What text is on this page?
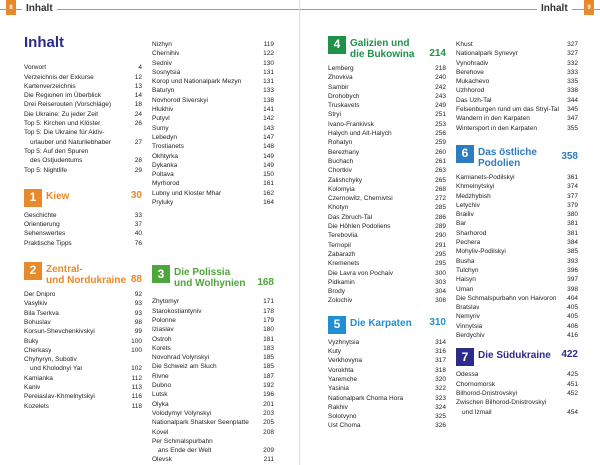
8	Inhalt
Inhalt
Vorwort	4
Verzeichnis der Exkurse	12
Kartenverzeichnis	13
Die Regionen im Überblick	14
Drei Reiserouten (Vorschläge)	18
Die Ukraine: Zu jeder Zeit	24
Top 5: Kirchen und Klöster	26
Top 5: Die Ukraine für Aktiv-
urlauber und Naturliebhaber	27
Top 5: Auf den Spuren
des Ostjudentums	28
Top 5: Nightlife	29
1 Kiew	30
Geschichte	33
Orientierung	37
Sehenswertes	40
Praktische Tipps	76
2 Zentral-
und Nordukraine 88
Der Dnipro	92
Vasylkiv	93
Bila Tserkva	93
Bohuslav	98
Korsun-Shevchenkivskyi	99
Buky	100
Cherkasy	100
Chyhyryn, Subotiv
und Kholodnyi Yar	102
Kamianka	112
Kaniv	113
Pereiaslav-Khmelnytskyi	116
Kozelets	118
Nizhyn	119
Chernihiv	122
Sedniv	130
Sosnytsia	131
Korop und Nationalpark Mezyn	131
Baturyn	133
Novhorod Siverskyi	138
Hlukhiv	141
Putyvl	142
Sumy	143
Lebedyn	147
Trostianets	148
Okhtyrka	149
Dykanka	149
Poltava	150
Myrhorod	161
Lubny und Kloster Mhar	162
Pryluky	164
3 Die Polissia
und Wolhynien	168
Zhytomyr	171
Starokostiantyniv	178
Polonne	179
Iziaslav	180
Ostroh	181
Korets	183
Novohrad Volynskyi	185
Die Schweiz am Sluch	185
Rivne	187
Dubno	192
Lutsk	196
Olyka	201
Volodymyr Volynskyi	203
Nationalpark Shatsker Seenplatte	205
Kovel	208
Per Schmalspurbahn
ans Ende der Welt	209
Olevsk	211
9
Inhalt
4 Galizien und
die Bukowina	214
Lemberg	218
Zhovkva	240
Sambir	242
Drohobych	243
Truskavets	249
Stryi	251
Ivano-Frankivsk	253
Halych und Alt-Halych	256
Rohatyn	259
Berezhany	260
Buchach	261
Chortkiv	263
Zalishchyky	265
Kolomyia	268
Czernowitz, Chernivtsi	272
Khotyn	285
Das Zbruch-Tal	286
Die Höhlen Podoliens	289
Terebovlia	290
Ternopil	291
Zabarazh	295
Kremenets	295
Die Lavra von Pochaiv	300
Pidkamin	303
Brody	304
Zolochiv	308
5 Die Karpaten	310
Vyzhnytsia	314
Kuty	316
Verkhovyna	317
Vorokhta	318
Yaremche	320
Yasinia	322
Nationalpark Choma Hora	323
Rakhiv	324
Solotvyno	325
Ust Choma	326
Khust	327
Nationalpark Synevyr	327
Vynohradiv	332
Berehove	333
Mukachevo	335
Uzhhorod	338
Das Uzh-Tal	344
Felsenburgen rund um das Stryi-Tal	345
Wandern in den Karpaten	347
Wintersport in den Karpaten	355
6 Das östliche
Podolien
358
Kamianets-Podilskyi	361
Khmelnytskyi	374
Medzhybish	377
Letychiv	379
Brailiv	380
Bar	381
Sharhorod	381
Pechera	384
Mohyliv-Podilskyi	385
Busha	393
Tulchyn	396
Haisyn	397
Uman	398
Die Schmalspurbahn von Haivoron	404
Bratslav	405
Nemyriv	405
Vinnytsia	406
Berdychiv	416
7 Die Südukraine	422
Odessa	425
Chornomorsk	451
Bilhorod-Dnistrovskyi	452
Zwischen Bilhorod-Dnistrovskyi
und Izmail	454
